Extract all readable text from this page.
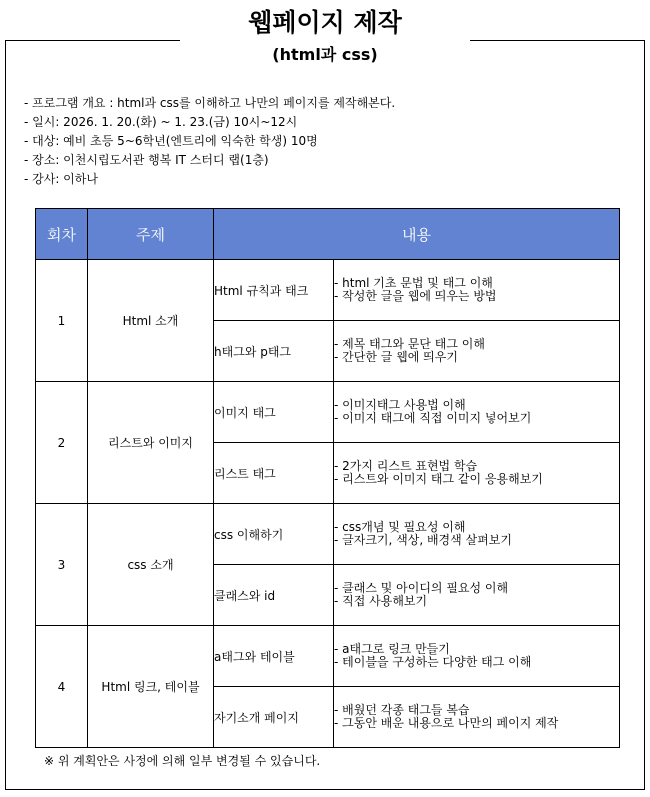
웹페이지 제작
(html과 css)
- 프로그램 개요 : html과 css를 이해하고 나만의 페이지를 제작해본다.
- 일시: 2026. 1. 20.(화) ~ 1. 23.(금) 10시~12시
- 대상: 예비 초등 5~6학년(엔트리에 익숙한 학생) 10명
- 장소: 이천시립도서관 행복 IT 스터디 랩(1층)
- 강사: 이하나
회차	주제	내용	
1	Html 소개	Html 규칙과 태크	- html 기초 문법 및 태그 이해
- 작성한 글을 웹에 띄우는 방법

		h태그와 p태그	- 제목 태그와 문단 태그 이해
- 간단한 글 웹에 띄우기

2	리스트와 이미지	이미지 태그	- 이미지태그 사용법 이해
- 이미지 태그에 직접 이미지 넣어보기

		리스트 태그	- 2가지 리스트 표현법 학습
- 리스트와 이미지 태그 같이 응용해보기

3	css 소개	css 이해하기	- css개념 및 필요성 이해
- 글자크기, 색상, 배경색 살펴보기

		클래스와 id	- 클래스 및 아이디의 필요성 이해
- 직접 사용해보기

4	Html 링크, 테이블	a태그와 테이블	- a태그로 링크 만들기
- 테이블을 구성하는 다양한 태그 이해

		자기소개 페이지	- 배웠던 각종 태그들 복습
- 그동안 배운 내용으로 나만의 페이지 제작
※ 위 계획안은 사정에 의해 일부 변경될 수 있습니다.
